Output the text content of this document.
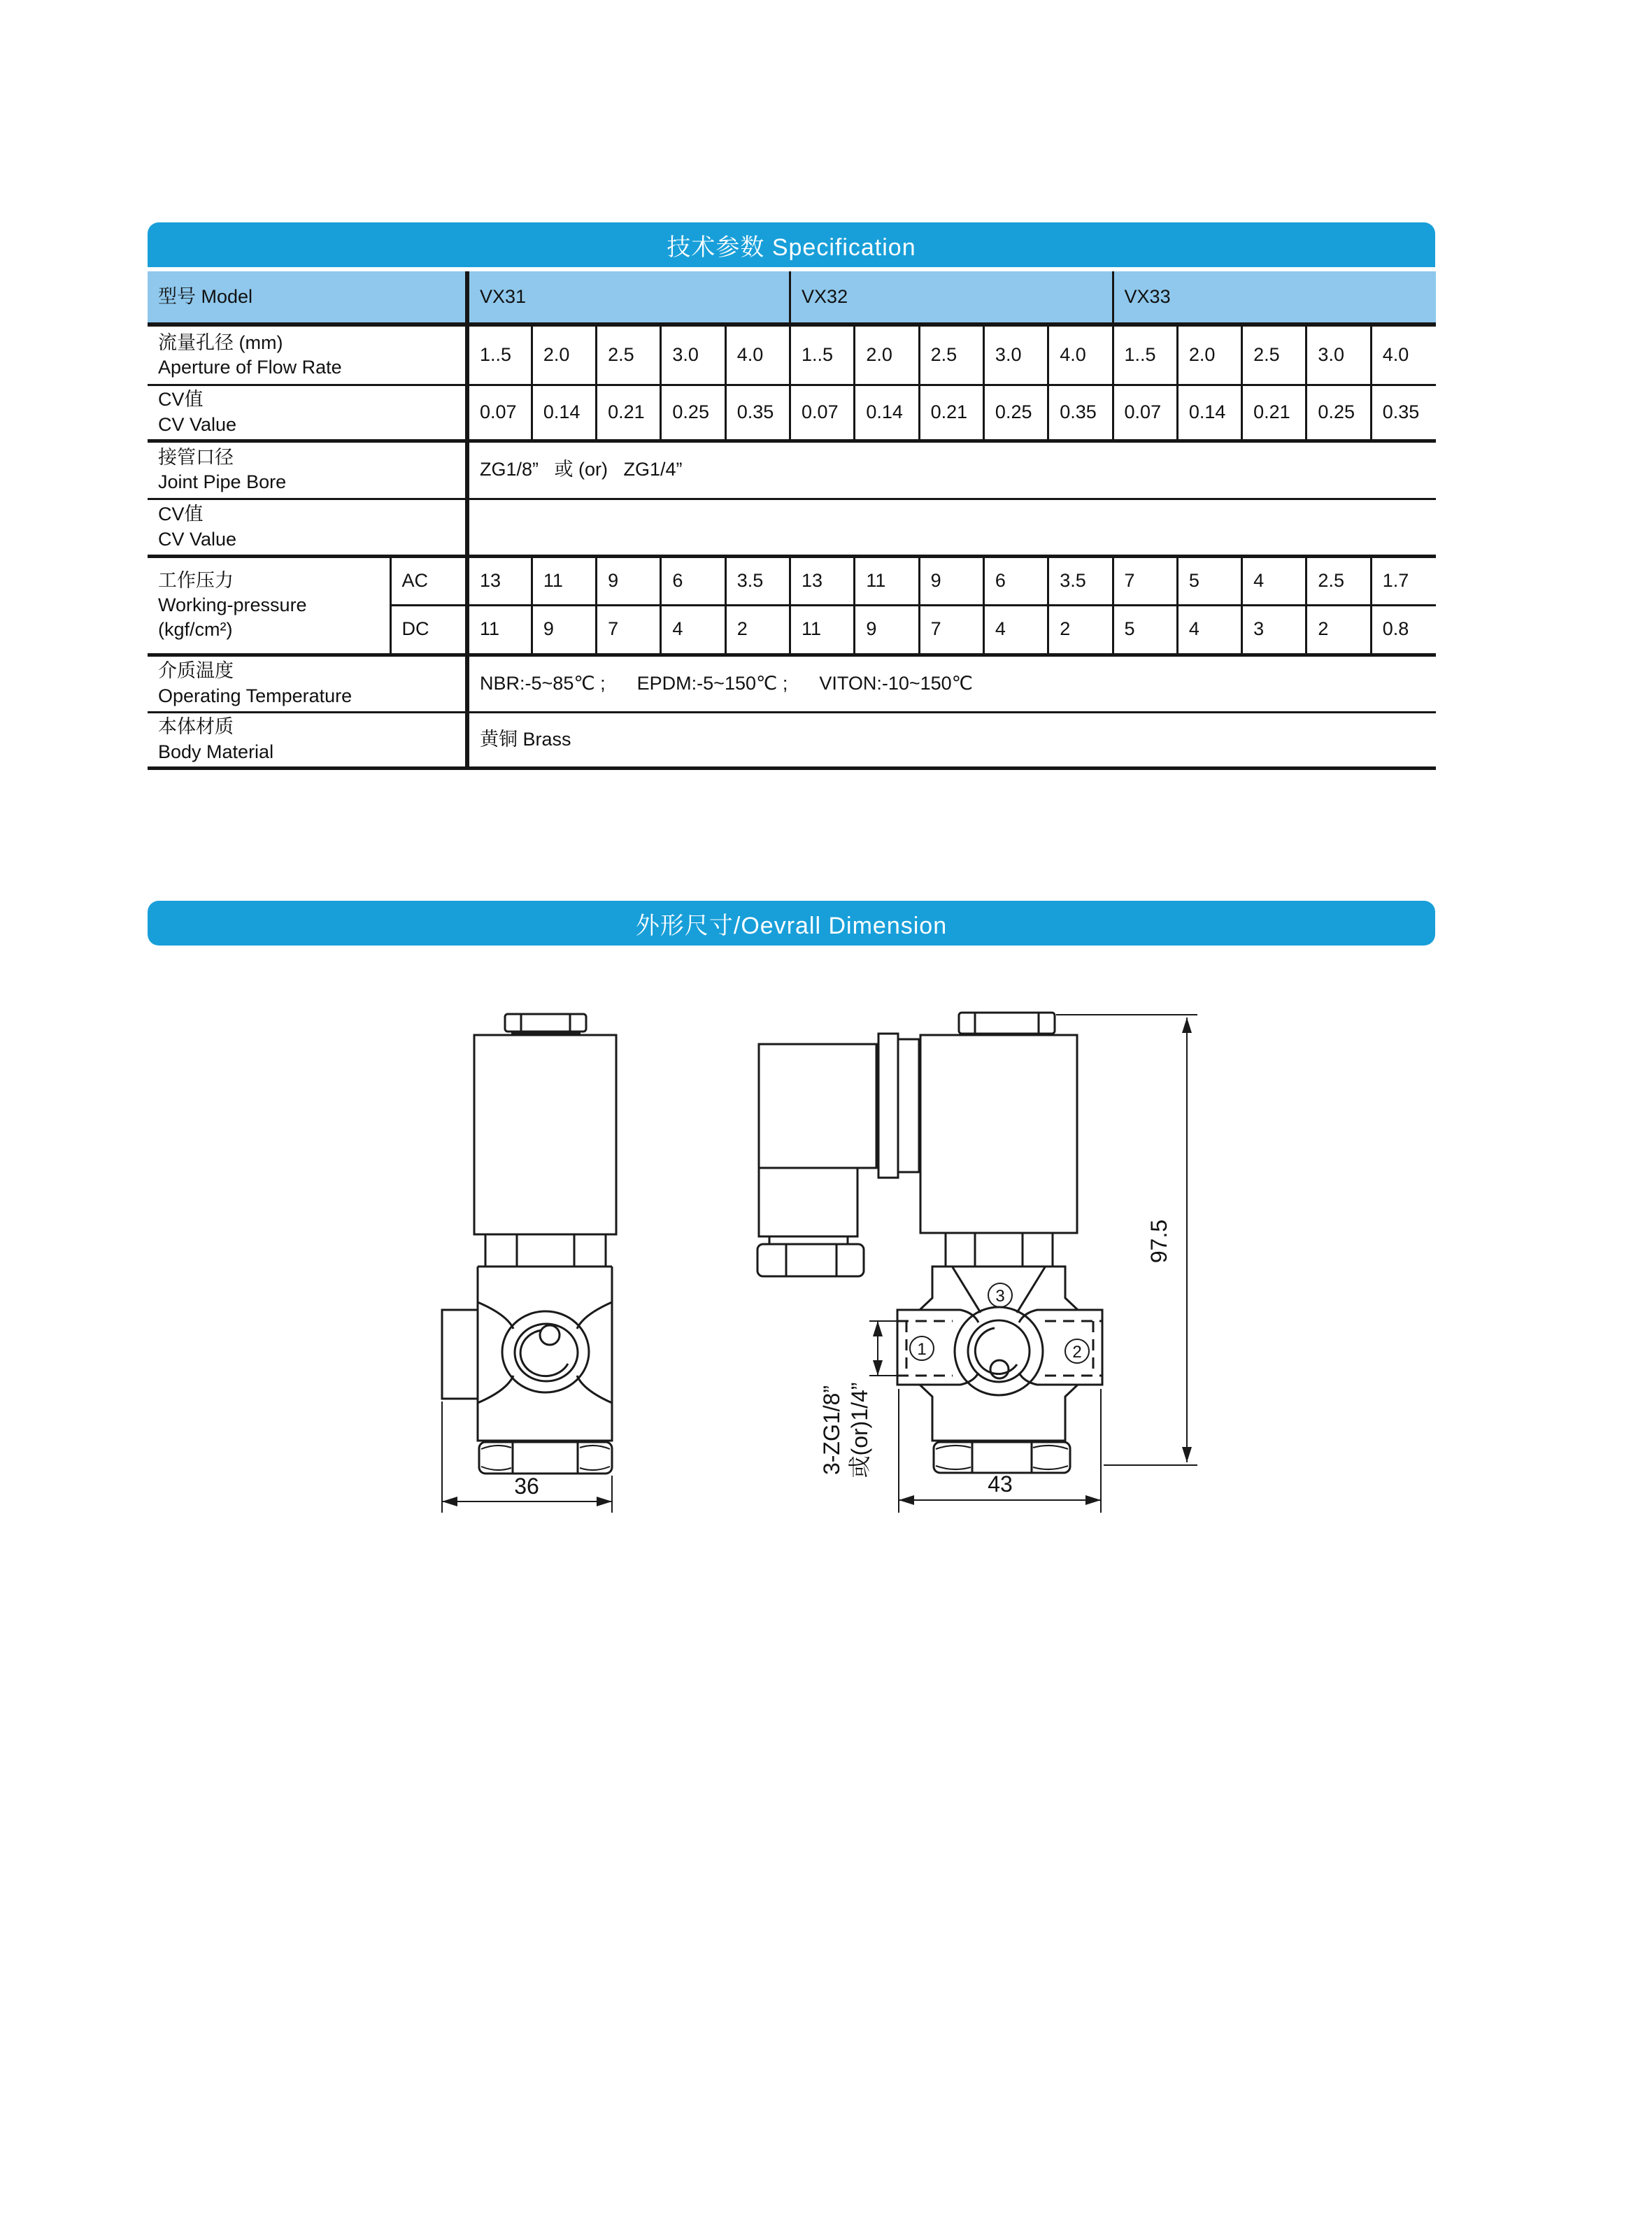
技术参数 Specification
型号 Model		VX31					VX32					VX33				

流量孔径 (mm)
Aperture of Flow Rate		1..5	2.0	2.5	3.0	4.0	1..5	2.0	2.5	3.0	4.0	1..5	2.0	2.5	3.0	4.0

CV值
CV Value		0.07	0.14	0.21	0.25	0.35	0.07	0.14	0.21	0.25	0.35	0.07	0.14	0.21	0.25	0.35

接管口径
Joint Pipe Bore		ZG1/8”   或 (or)   ZG1/4”														

CV值
CV Value																

工作压力
Working-pressure
(kgf/cm²)	AC	13	11	9	6	3.5	13	11	9	6	3.5	7	5	4	2.5	1.7
	DC	11	9	7	4	2	11	9	7	4	2	5	4	3	2	0.8

介质温度
Operating Temperature		NBR:-5~85℃ ;      EPDM:-5~150℃ ;      VITON:-10~150℃														

本体材质
Body Material		黄铜 Brass														
外形尺寸/Oevrall Dimension
36
1	2
3
97.5
43
3-ZG1/8” 或(or)1/4”
